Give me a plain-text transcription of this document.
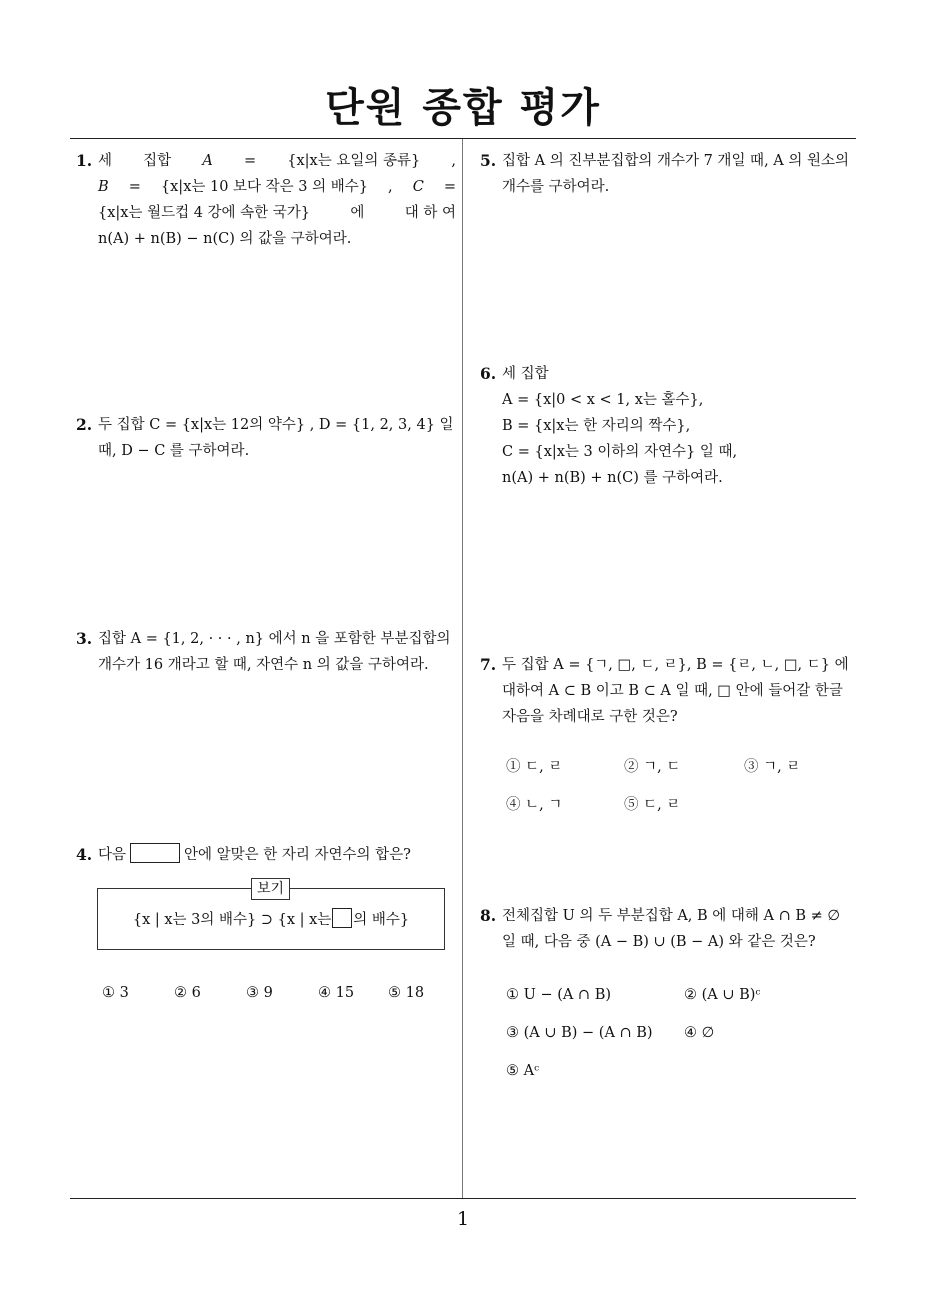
단원 종합 평가
1
1. 세 집합 A = {x|x는 요일의 종류} ,
B = {x|x는 10 보다 작은 3 의 배수} , C =
{x|x는 월드컵 4 강에 속한 국가}	에	대 하 여
n(A) + n(B) − n(C) 의 값을 구하여라.
2. 두 집합 C = {x|x는 12의 약수} , D = {1, 2, 3, 4} 일
때, D − C 를 구하여라.
3. 집합 A = {1, 2, · · · , n} 에서 n 을 포함한 부분집합의
개수가 16 개라고 할 때, 자연수 n 의 값을 구하여라.
4. 다음	안에 알맞은 한 자리 자연수의 합은?
보기
{x | x는 3의 배수} ⊃ {x | x는 의 배수}
① 3	② 6	③ 9	④ 15 ⑤ 18
5. 집합 A 의 진부분집합의 개수가 7 개일 때, A 의 원소의
개수를 구하여라.
6. 세 집합
A = {x|0 < x < 1, x는 홀수},
B = {x|x는 한 자리의 짝수},
C = {x|x는 3 이하의 자연수} 일 때,
n(A) + n(B) + n(C) 를 구하여라.
7. 두 집합 A = {ㄱ, □, ㄷ, ㄹ}, B = {ㄹ, ㄴ, □, ㄷ} 에
대하여 A ⊂ B 이고 B ⊂ A 일 때, □ 안에 들어갈 한글
자음을 차례대로 구한 것은?
① ㄷ, ㄹ	② ㄱ, ㄷ	③ ㄱ, ㄹ
④ ㄴ, ㄱ	⑤ ㄷ, ㄹ
8. 전체집합 U 의 두 부분집합 A, B 에 대해 A ∩ B ≠ ∅
일 때, 다음 중 (A − B) ∪ (B − A) 와 같은 것은?
① U − (A ∩ B)	② (A ∪ B)ᶜ
③ (A ∪ B) − (A ∩ B) ④ ∅
⑤ Aᶜ
